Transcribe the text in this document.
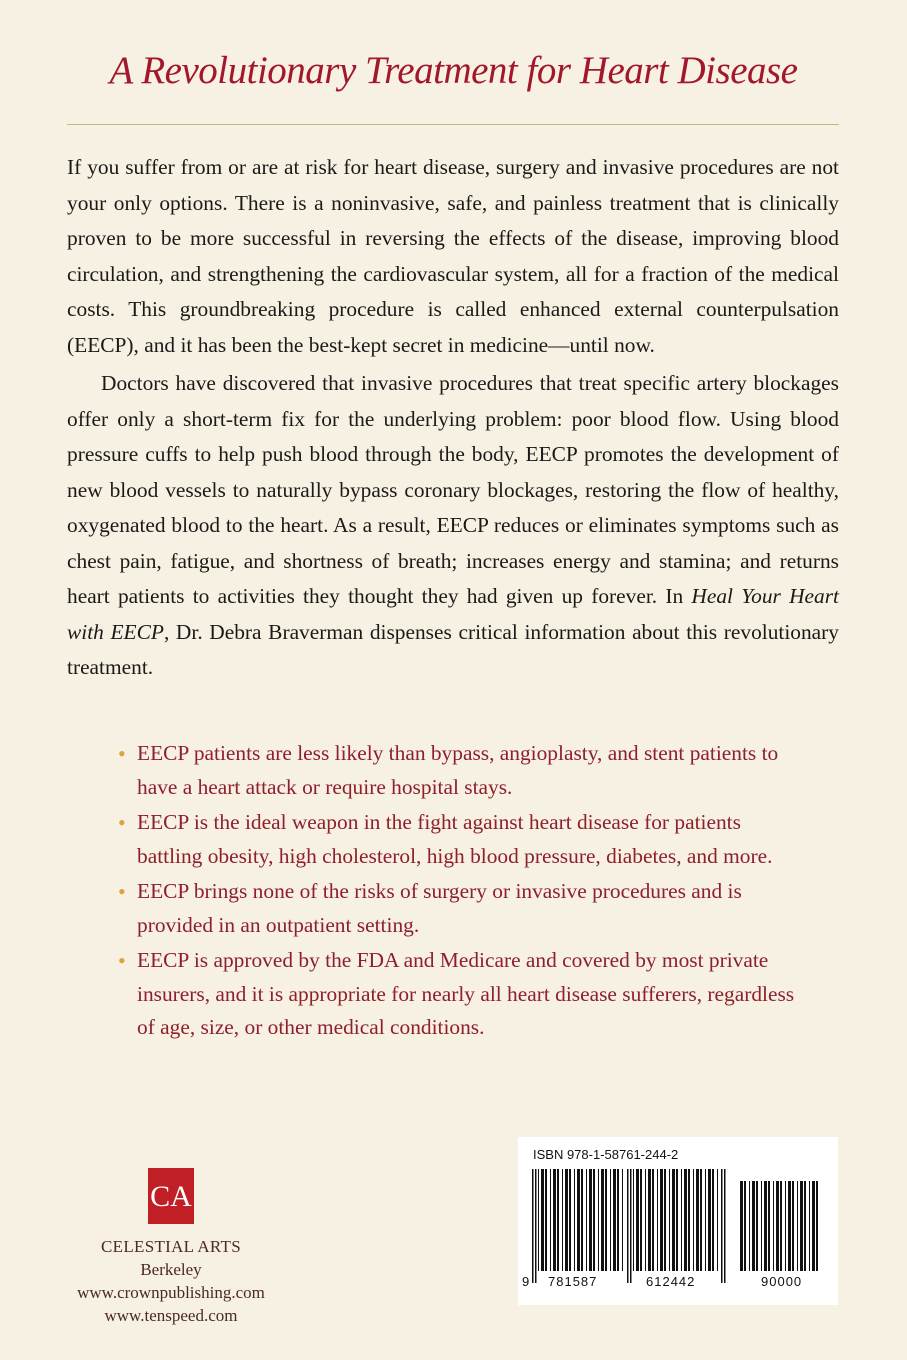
A Revolutionary Treatment for Heart Disease

If you suffer from or are at risk for heart disease, surgery and invasive procedures are not your only options. There is a noninvasive, safe, and painless treatment that is clinically proven to be more successful in reversing the effects of the disease, improving blood circulation, and strengthening the cardiovascular system, all for a fraction of the medical costs. This groundbreaking procedure is called enhanced external counterpulsation (EECP), and it has been the best-kept secret in medicine—until now.

Doctors have discovered that invasive procedures that treat specific artery blockages offer only a short-term fix for the underlying problem: poor blood flow. Using blood pressure cuffs to help push blood through the body, EECP promotes the development of new blood vessels to naturally bypass coronary blockages, restoring the flow of healthy, oxygenated blood to the heart. As a result, EECP reduces or eliminates symptoms such as chest pain, fatigue, and shortness of breath; increases energy and stamina; and returns heart patients to activities they thought they had given up forever. In Heal Your Heart with EECP, Dr. Debra Braverman dispenses critical information about this revolutionary treatment.

• EECP patients are less likely than bypass, angioplasty, and stent patients to have a heart attack or require hospital stays.
• EECP is the ideal weapon in the fight against heart disease for patients battling obesity, high cholesterol, high blood pressure, diabetes, and more.
• EECP brings none of the risks of surgery or invasive procedures and is provided in an outpatient setting.
• EECP is approved by the FDA and Medicare and covered by most private insurers, and it is appropriate for nearly all heart disease sufferers, regardless of age, size, or other medical conditions.
CA
CELESTIAL ARTS
Berkeley
www.crownpublishing.com
www.tenspeed.com
ISBN 978-1-58761-244-2
9 781587	612442	90000
